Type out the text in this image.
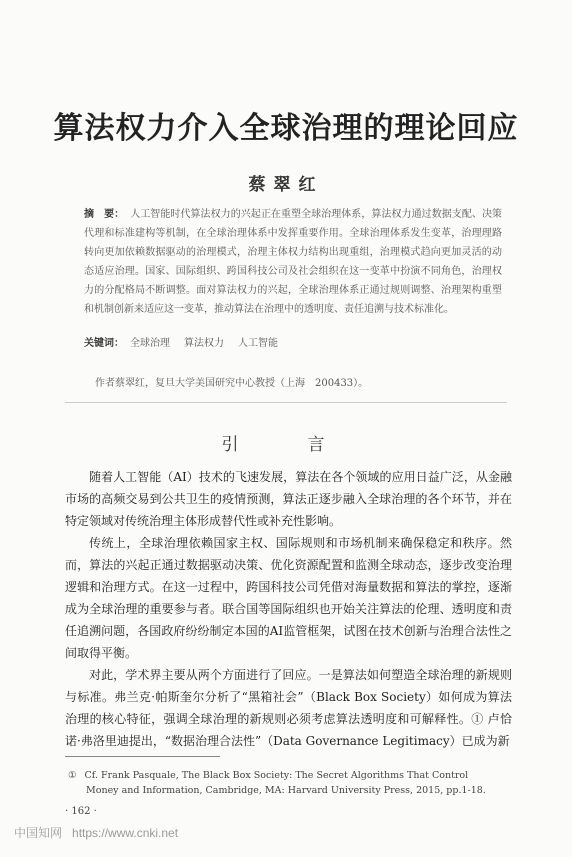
算法权力介入全球治理的理论回应
蔡翠红
摘　要： 人工智能时代算法权力的兴起正在重塑全球治理体系，算法权力通过数据支配、决策代理和标准建构等机制，在全球治理体系中发挥重要作用。全球治理体系发生变革，治理理路转向更加依赖数据驱动的治理模式，治理主体权力结构出现重组，治理模式趋向更加灵活的动态适应治理。国家、国际组织、跨国科技公司及社会组织在这一变革中扮演不同角色，治理权力的分配格局不断调整。面对算法权力的兴起，全球治理体系正通过规则调整、治理架构重塑和机制创新来适应这一变革，推动算法在治理中的透明度、责任追溯与技术标准化。
关键词： 全球治理 算法权力 人工智能
作者蔡翠红，复旦大学美国研究中心教授（上海　200433）。
引　言

随着人工智能（AI）技术的飞速发展，算法在各个领域的应用日益广泛，从金融市场的高频交易到公共卫生的疫情预测，算法正逐步融入全球治理的各个环节，并在特定领域对传统治理主体形成替代性或补充性影响。

传统上，全球治理依赖国家主权、国际规则和市场机制来确保稳定和秩序。然而，算法的兴起正通过数据驱动决策、优化资源配置和监测全球动态，逐步改变治理逻辑和治理方式。在这一过程中，跨国科技公司凭借对海量数据和算法的掌控，逐渐成为全球治理的重要参与者。联合国等国际组织也开始关注算法的伦理、透明度和责任追溯问题，各国政府纷纷制定本国的AI监管框架，试图在技术创新与治理合法性之间取得平衡。

对此，学术界主要从两个方面进行了回应。一是算法如何塑造全球治理的新规则与标准。弗兰克·帕斯奎尔分析了“黑箱社会”（Black Box Society）如何成为算法治理的核心特征，强调全球治理的新规则必须考虑算法透明度和可解释性。① 卢恰诺·弗洛里迪提出，“数据治理合法性”（Data Governance Legitimacy）已成为新

① Cf. Frank Pasquale, The Black Box Society: The Secret Algorithms That Control
Money and Information, Cambridge, MA: Harvard University Press, 2015, pp.1-18.
· 162 ·
中国知网 https://www.cnki.net
